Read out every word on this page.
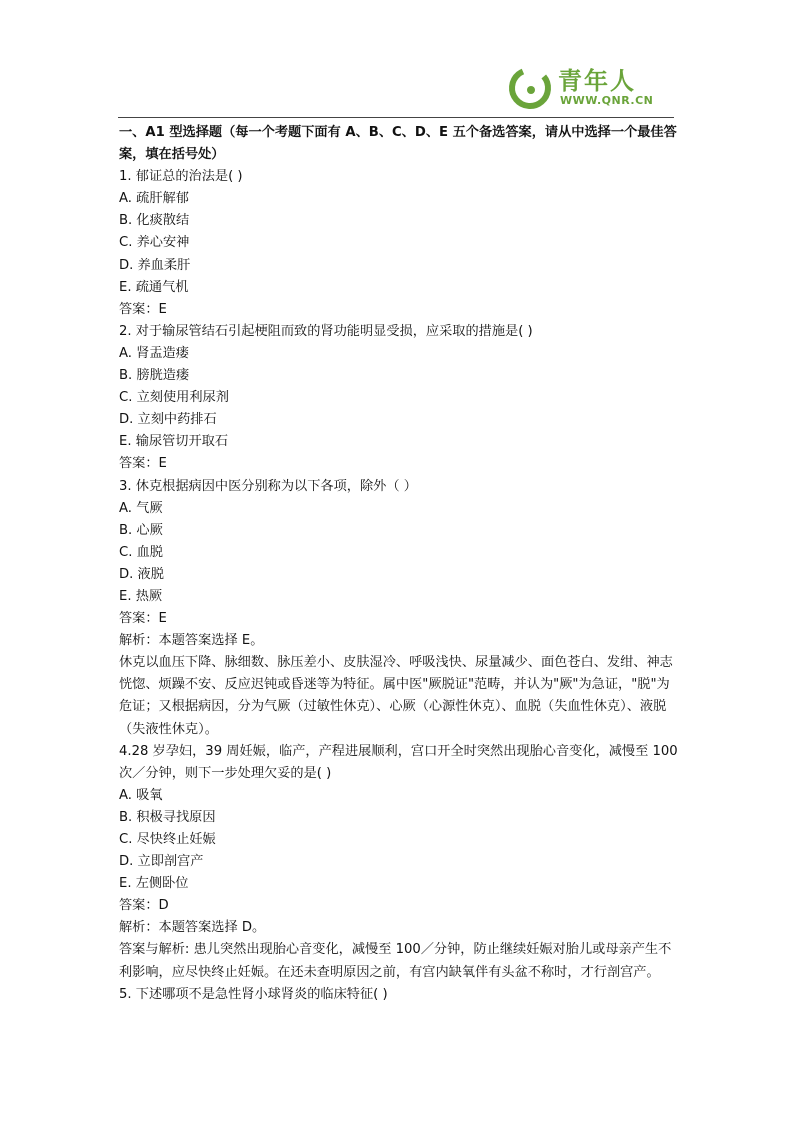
青年人
WWW.QNR.CN

一、A1 型选择题（每一个考题下面有 A、B、C、D、E 五个备选答案，请从中选择一个最佳答案，填在括号处）

1. 郁证总的治法是( )

A. 疏肝解郁

B. 化痰散结

C. 养心安神

D. 养血柔肝

E. 疏通气机

答案：E

2. 对于输尿管结石引起梗阻而致的肾功能明显受损，应采取的措施是( )

A. 肾盂造瘘

B. 膀胱造瘘

C. 立刻使用利尿剂

D. 立刻中药排石

E. 输尿管切开取石

答案：E

3. 休克根据病因中医分别称为以下各项，除外（ ）

A. 气厥

B. 心厥

C. 血脱

D. 液脱

E. 热厥

答案：E

解析：本题答案选择 E。

休克以血压下降、脉细数、脉压差小、皮肤湿冷、呼吸浅快、尿量减少、面色苍白、发绀、神志恍惚、烦躁不安、反应迟钝或昏迷等为特征。属中医"厥脱证"范畴，并认为"厥"为急证，"脱"为危证；又根据病因，分为气厥（过敏性休克）、心厥（心源性休克）、血脱（失血性休克）、液脱（失液性休克）。

4.28 岁孕妇，39 周妊娠，临产，产程进展顺利，宫口开全时突然出现胎心音变化，减慢至 100 次／分钟，则下一步处理欠妥的是( )

A. 吸氧

B. 积极寻找原因

C. 尽快终止妊娠

D. 立即剖宫产

E. 左侧卧位

答案：D

解析：本题答案选择 D。

答案与解析: 患儿突然出现胎心音变化，减慢至 100／分钟，防止继续妊娠对胎儿或母亲产生不利影响，应尽快终止妊娠。在还未查明原因之前，有宫内缺氧伴有头盆不称时，才行剖宫产。

5. 下述哪项不是急性肾小球肾炎的临床特征( )
